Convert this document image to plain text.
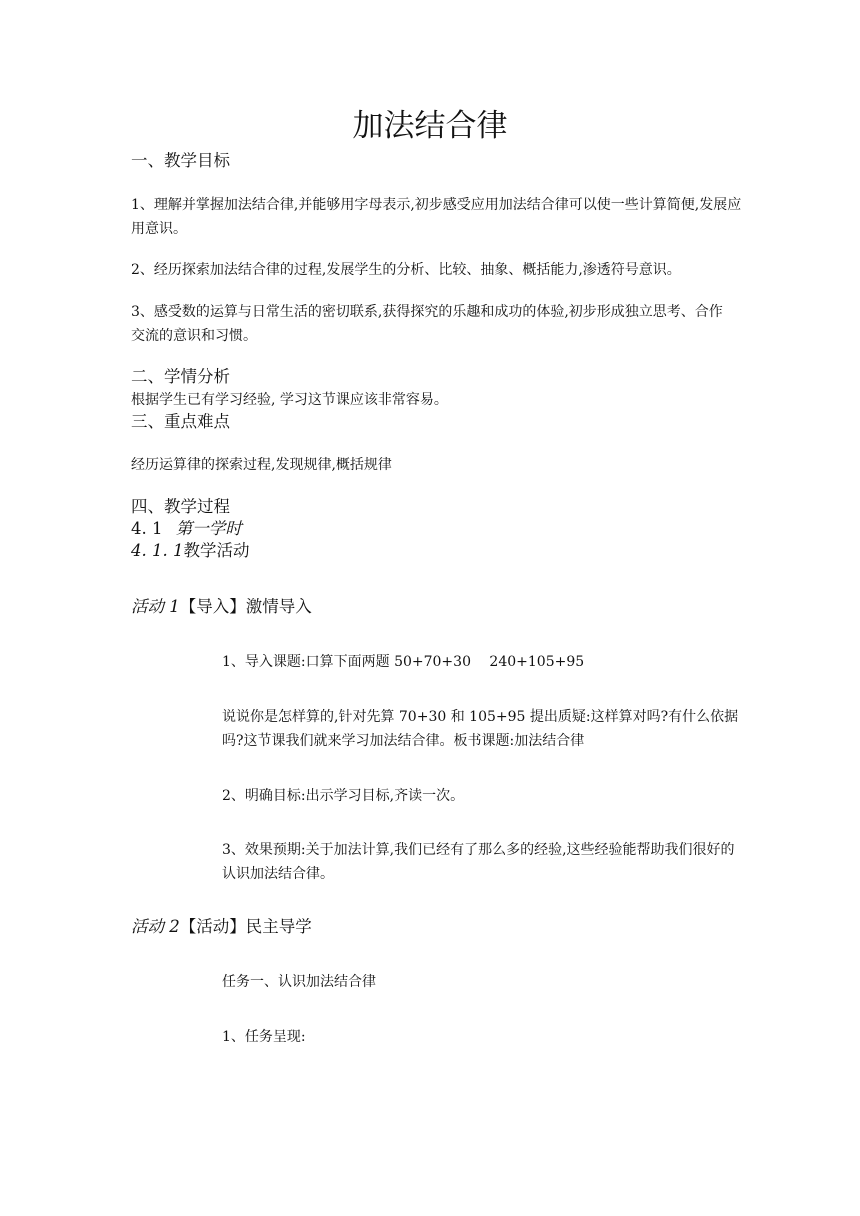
加法结合律
一、教学目标
1、理解并掌握加法结合律,并能够用字母表示,初步感受应用加法结合律可以使一些计算简便,发展应用意识。
2、经历探索加法结合律的过程,发展学生的分析、比较、抽象、概括能力,渗透符号意识。
3、感受数的运算与日常生活的密切联系,获得探究的乐趣和成功的体验,初步形成独立思考、合作交流的意识和习惯。
二、学情分析
根据学生已有学习经验, 学习这节课应该非常容易。
三、重点难点
经历运算律的探索过程,发现规律,概括规律
四、教学过程
4. 1 第一学时
4. 1. 1教学活动
活动 1【导入】激情导入
1、导入课题:口算下面两题 50+70+30　 240+105+95
说说你是怎样算的,针对先算 70+30 和 105+95 提出质疑:这样算对吗?有什么依据吗?这节课我们就来学习加法结合律。板书课题:加法结合律
2、明确目标:出示学习目标,齐读一次。
3、效果预期:关于加法计算,我们已经有了那么多的经验,这些经验能帮助我们很好的认识加法结合律。
活动 2【活动】民主导学
任务一、认识加法结合律
1、任务呈现:
